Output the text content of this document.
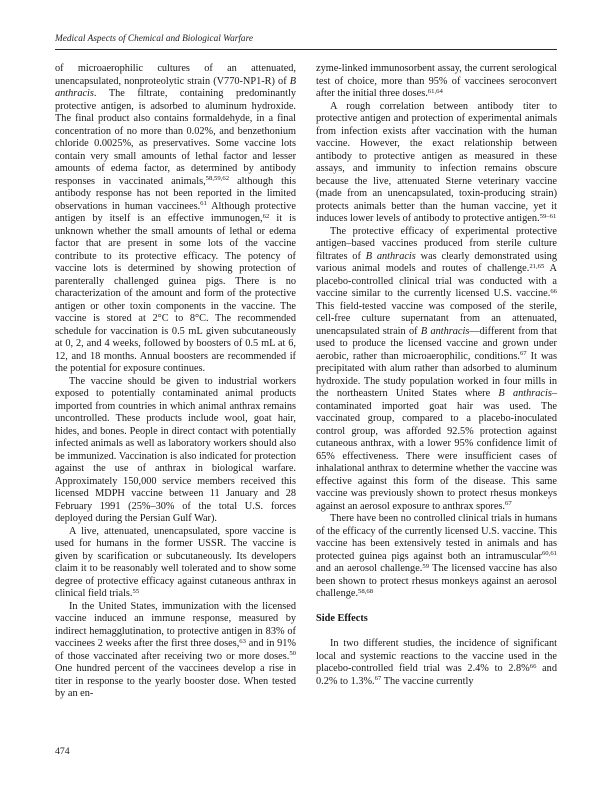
Medical Aspects of Chemical and Biological Warfare

of microaerophilic cultures of an attenuated, unencapsulated, nonproteolytic strain (V770-NP1-R) of B anthracis. The filtrate, containing predominantly protective antigen, is adsorbed to aluminum hydroxide. The final product also contains formaldehyde, in a final concentration of no more than 0.02%, and benzethonium chloride 0.0025%, as preservatives. Some vaccine lots contain very small amounts of lethal factor and lesser amounts of edema factor, as determined by antibody responses in vaccinated animals,$^{58,59,62}$ although this antibody response has not been reported in the limited observations in human vaccinees.$^{61}$ Although protective antigen by itself is an effective immunogen,$^{62}$ it is unknown whether the small amounts of lethal or edema factor that are present in some lots of the vaccine contribute to its protective efficacy. The potency of vaccine lots is determined by showing protection of parenterally challenged guinea pigs. There is no characterization of the amount and form of the protective antigen or other toxin components in the vaccine. The vaccine is stored at 2°C to 8°C. The recommended schedule for vaccination is 0.5 mL given subcutaneously at 0, 2, and 4 weeks, followed by boosters of 0.5 mL at 6, 12, and 18 months. Annual boosters are recommended if the potential for exposure continues.

The vaccine should be given to industrial workers exposed to potentially contaminated animal products imported from countries in which animal anthrax remains uncontrolled. These products include wool, goat hair, hides, and bones. People in direct contact with potentially infected animals as well as laboratory workers should also be immunized. Vaccination is also indicated for protection against the use of anthrax in biological warfare. Approximately 150,000 service members received this licensed MDPH vaccine between 11 January and 28 February 1991 (25%–30% of the total U.S. forces deployed during the Persian Gulf War).

A live, attenuated, unencapsulated, spore vaccine is used for humans in the former USSR. The vaccine is given by scarification or subcutaneously. Its developers claim it to be reasonably well tolerated and to show some degree of protective efficacy against cutaneous anthrax in clinical field trials.$^{55}$

In the United States, immunization with the licensed vaccine induced an immune response, measured by indirect hemagglutination, to protective antigen in 83% of vaccinees 2 weeks after the first three doses,$^{63}$ and in 91% of those vaccinated after receiving two or more doses.$^{50}$ One hundred percent of the vaccinees develop a rise in titer in response to the yearly booster dose. When tested by an en-

zyme-linked immunosorbent assay, the current serological test of choice, more than 95% of vaccinees seroconvert after the initial three doses.$^{61,64}$

A rough correlation between antibody titer to protective antigen and protection of experimental animals from infection exists after vaccination with the human vaccine. However, the exact relationship between antibody to protective antigen as measured in these assays, and immunity to infection remains obscure because the live, attenuated Sterne veterinary vaccine (made from an unencapsulated, toxin-producing strain) protects animals better than the human vaccine, yet it induces lower levels of antibody to protective antigen.$^{59-61}$

The protective efficacy of experimental protective antigen–based vaccines produced from sterile culture filtrates of B anthracis was clearly demonstrated using various animal models and routes of challenge.$^{21,65}$ A placebo-controlled clinical trial was conducted with a vaccine similar to the currently licensed U.S. vaccine.$^{66}$ This field-tested vaccine was composed of the sterile, cell-free culture supernatant from an attenuated, unencapsulated strain of B anthracis—different from that used to produce the licensed vaccine and grown under aerobic, rather than microaerophilic, conditions.$^{67}$ It was precipitated with alum rather than adsorbed to aluminum hydroxide. The study population worked in four mills in the northeastern United States where B anthracis–contaminated imported goat hair was used. The vaccinated group, compared to a placebo-inoculated control group, was afforded 92.5% protection against cutaneous anthrax, with a lower 95% confidence limit of 65% effectiveness. There were insufficient cases of inhalational anthrax to determine whether the vaccine was effective against this form of the disease. This same vaccine was previously shown to protect rhesus monkeys against an aerosol exposure to anthrax spores.$^{67}$

There have been no controlled clinical trials in humans of the efficacy of the currently licensed U.S. vaccine. This vaccine has been extensively tested in animals and has protected guinea pigs against both an intramuscular$^{60,61}$ and an aerosol challenge.$^{59}$ The licensed vaccine has also been shown to protect rhesus monkeys against an aerosol challenge.$^{58,68}$

Side Effects

In two different studies, the incidence of significant local and systemic reactions to the vaccine used in the placebo-controlled field trial was 2.4% to 2.8%$^{66}$ and 0.2% to 1.3%.$^{67}$ The vaccine currently

474
